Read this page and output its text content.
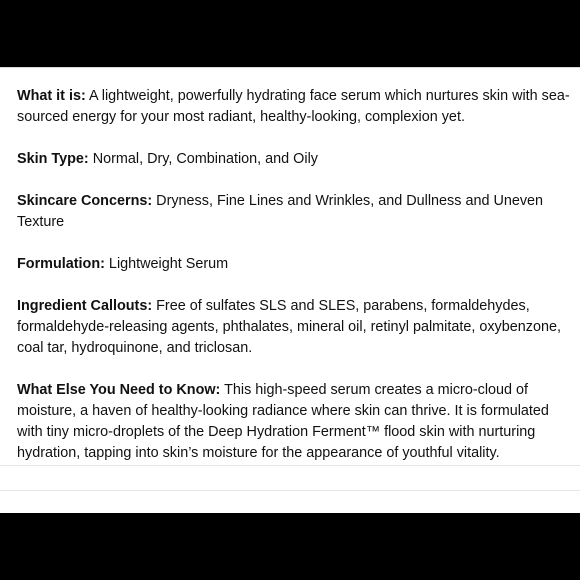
What it is: A lightweight, powerfully hydrating face serum which nurtures skin with sea-sourced energy for your most radiant, healthy-looking, complexion yet.

Skin Type: Normal, Dry, Combination, and Oily

Skincare Concerns: Dryness, Fine Lines and Wrinkles, and Dullness and Uneven Texture

Formulation: Lightweight Serum

Ingredient Callouts: Free of sulfates SLS and SLES, parabens, formaldehydes, formaldehyde-releasing agents, phthalates, mineral oil, retinyl palmitate, oxybenzone, coal tar, hydroquinone, and triclosan.

What Else You Need to Know: This high-speed serum creates a micro-cloud of moisture, a haven of healthy-looking radiance where skin can thrive. It is formulated with tiny micro-droplets of the Deep Hydration Ferment™ flood skin with nurturing hydration, tapping into skin’s moisture for the appearance of youthful vitality.
